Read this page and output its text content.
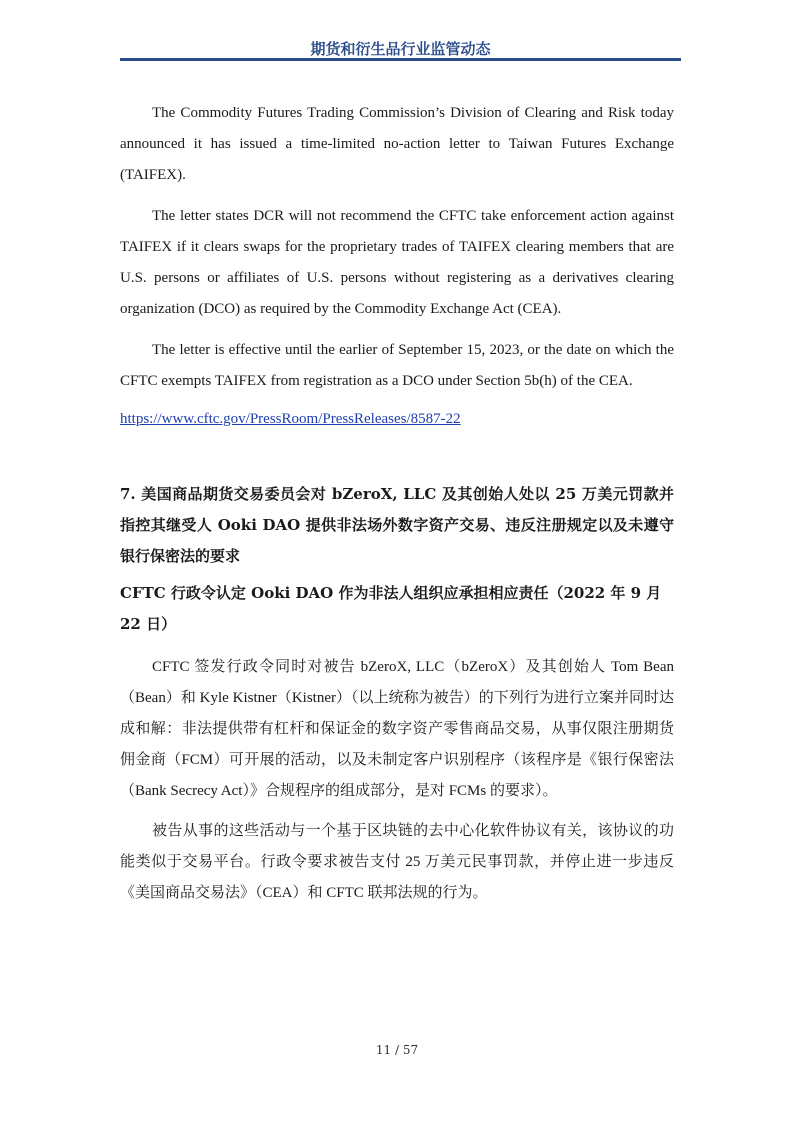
期货和衍生品行业监管动态

The Commodity Futures Trading Commission’s Division of Clearing and Risk today announced it has issued a time-limited no-action letter to Taiwan Futures Exchange (TAIFEX).

The letter states DCR will not recommend the CFTC take enforcement action against TAIFEX if it clears swaps for the proprietary trades of TAIFEX clearing members that are U.S. persons or affiliates of U.S. persons without registering as a derivatives clearing organization (DCO) as required by the Commodity Exchange Act (CEA).

The letter is effective until the earlier of September 15, 2023, or the date on which the CFTC exempts TAIFEX from registration as a DCO under Section 5b(h) of the CEA.

https://www.cftc.gov/PressRoom/PressReleases/8587-22
7. 美国商品期货交易委员会对 bZeroX, LLC 及其创始人处以 25 万美元罚款并指控其继受人 Ooki DAO 提供非法场外数字资产交易、违反注册规定以及未遵守银行保密法的要求
CFTC 行政令认定 Ooki DAO 作为非法人组织应承担相应责任（2022 年 9 月 22 日）

CFTC 签发行政令同时对被告 bZeroX, LLC（bZeroX）及其创始人 Tom Bean（Bean）和 Kyle Kistner（Kistner）（以上统称为被告）的下列行为进行立案并同时达成和解：非法提供带有杠杆和保证金的数字资产零售商品交易，从事仅限注册期货佣金商（FCM）可开展的活动，以及未制定客户识别程序（该程序是《银行保密法（Bank Secrecy Act）》合规程序的组成部分，是对 FCMs 的要求）。

被告从事的这些活动与一个基于区块链的去中心化软件协议有关，该协议的功能类似于交易平台。行政令要求被告支付 25 万美元民事罚款，并停止进一步违反《美国商品交易法》（CEA）和 CFTC 联邦法规的行为。

11 / 57
